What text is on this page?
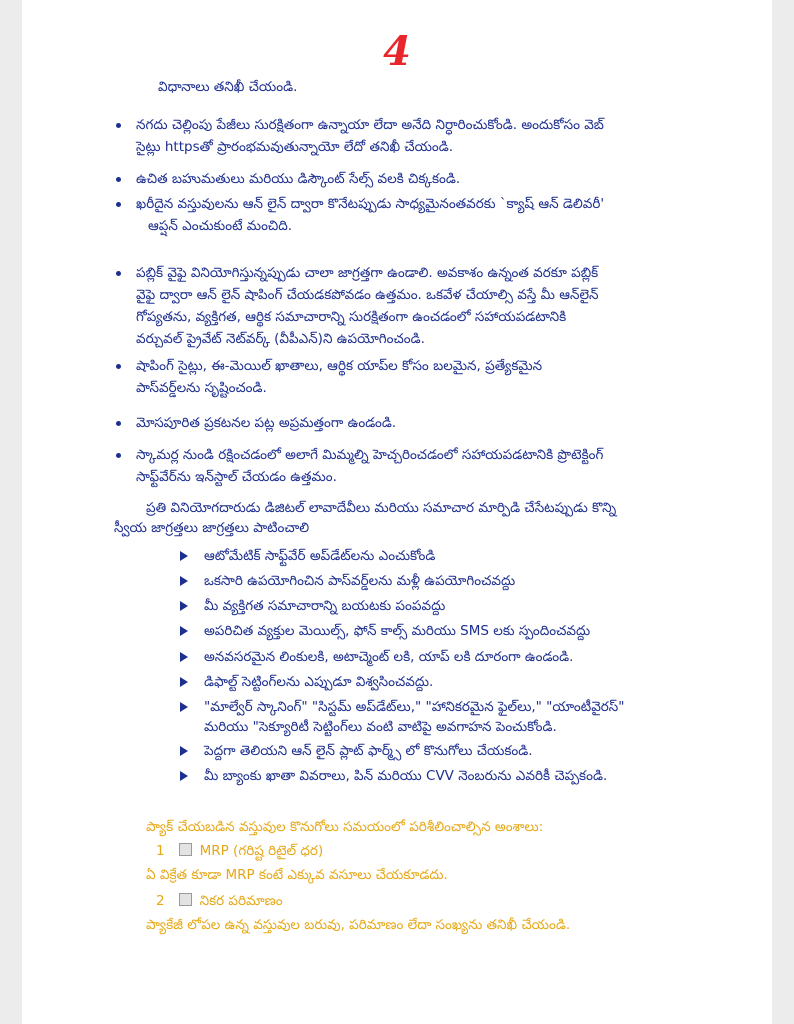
4
విధానాలు తనిఖీ చేయండి.
నగదు చెల్లింపు పేజీలు సురక్షితంగా ఉన్నాయా లేదా అనేది నిర్ధారించుకోండి. అందుకోసం వెబ్
సైట్లు httpsతో ప్రారంభమవుతున్నాయో లేదో తనిఖీ చేయండి.
ఉచిత బహుమతులు మరియు డిస్కౌంట్ సేల్స్ వలకి చిక్కకండి.
ఖరీదైన వస్తువులను ఆన్ లైన్ ద్వారా కొనేటప్పుడు సాధ్యమైనంతవరకు `క్యాష్ ఆన్ డెలివరీ'
ఆప్షన్ ఎంచుకుంటే మంచిది.
పబ్లిక్ వైఫై వినియోగిస్తున్నప్పుడు చాలా జాగ్రత్తగా ఉండాలి. అవకాశం ఉన్నంత వరకూ పబ్లిక్
వైఫై ద్వారా ఆన్ లైన్ షాపింగ్ చేయడకపోవడం ఉత్తమం. ఒకవేళ చేయాల్సి వస్తే మీ ఆన్‌లైన్
గోప్యతను, వ్యక్తిగత, ఆర్థిక సమాచారాన్ని సురక్షితంగా ఉంచడంలో సహాయపడటానికి
వర్చువల్ ప్రైవేట్ నెట్‌వర్క్ (వీపీఎన్)ని ఉపయోగించండి.
షాపింగ్ సైట్లు, ఈ-మెయిల్ ఖాతాలు, ఆర్థిక యాప్‌ల కోసం బలమైన, ప్రత్యేకమైన
పాస్‌వర్డ్‌లను సృష్టించండి.
మోసపూరిత ప్రకటనల పట్ల అప్రమత్తంగా ఉండండి.
స్కామర్ల నుండి రక్షించడంలో అలాగే మిమ్మల్ని హెచ్చరించడంలో సహాయపడటానికి ప్రొటెక్టింగ్
సాఫ్ట్‌వేర్‌ను ఇన్‌స్టాల్ చేయడం ఉత్తమం.
ప్రతి వినియోగదారుడు డిజిటల్ లావాదేవీలు మరియు సమాచార మార్పిడి చేసేటప్పుడు కొన్ని
స్వీయ జాగ్రత్తలు జాగ్రత్తలు పాటించాలి
ఆటోమేటిక్ సాఫ్ట్‌వేర్ అప్‌డేట్‌లను ఎంచుకోండి
ఒకసారి ఉపయోగించిన పాస్‌వర్డ్‌లను మళ్లీ ఉపయోగించవద్దు
మీ వ్యక్తిగత సమాచారాన్ని బయటకు పంపవద్దు
అపరిచిత వ్యక్తుల మెయిల్స్, ఫోన్ కాల్స్ మరియు SMS లకు స్పందించవద్దు
అనవసరమైన లింకులకి, అటాచ్మెంట్ లకి, యాప్ లకి దూరంగా ఉండండి.
డిఫాల్ట్ సెట్టింగ్‌లను ఎప్పుడూ విశ్వసించవద్దు.
"మాల్వేర్ స్కానింగ్" "సిస్టమ్ అప్‌డేట్‌లు," "హానికరమైన ఫైల్‌లు," "యాంటీవైరస్"
మరియు "సెక్యూరిటీ సెట్టింగ్‌లు వంటి వాటిపై అవగాహన పెంచుకోండి.
పెద్దగా తెలియని ఆన్ లైన్ ప్లాట్ ఫార్మ్స్ లో కొనుగోలు చేయకండి.
మీ బ్యాంకు ఖాతా వివరాలు, పిన్ మరియు CVV నెంబరును ఎవరికీ చెప్పకండి.
ప్యాక్ చేయబడిన వస్తువుల కొనుగోలు సమయంలో పరిశీలించాల్సిన అంశాలు:
1	MRP (గరిష్ట రిటైల్ ధర)
ఏ విక్రేత కూడా MRP కంటే ఎక్కువ వసూలు చేయకూడదు.
2	నికర పరిమాణం
ప్యాకేజీ లోపల ఉన్న వస్తువుల బరువు, పరిమాణం లేదా సంఖ్యను తనిఖీ చేయండి.
